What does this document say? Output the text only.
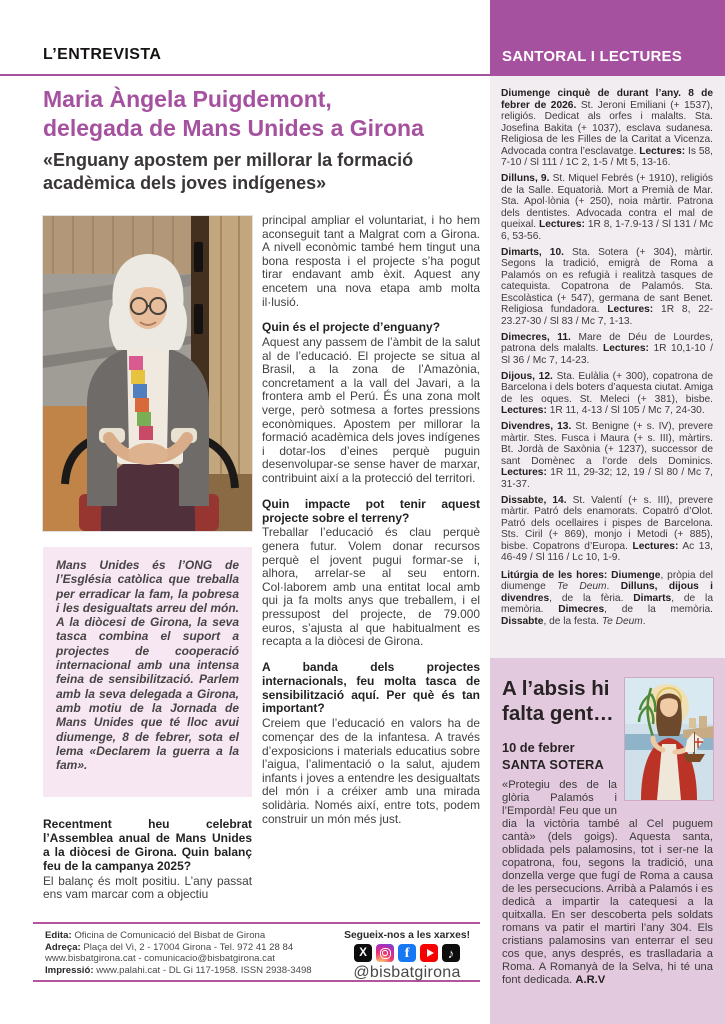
L’ENTREVISTA	SANTORAL I LECTURES
Maria Àngela Puigdemont,
delegada de Mans Unides a Girona
«Enguany apostem per millorar la formació acadèmica dels joves indígenes»

Mans Unides és l’ONG de l’Església catòlica que treballa per erradicar la fam, la pobresa i les desigualtats arreu del món. A la diòcesi de Girona, la seva tasca combina el suport a projectes de cooperació internacional amb una intensa feina de sensibilització. Parlem amb la seva delegada a Girona, amb motiu de la Jornada de Mans Unides que té lloc avui diumenge, 8 de febrer, sota el lema «Declarem la guerra a la fam».

Recentment heu celebrat l’Assemblea anual de Mans Unides a la diòcesi de Girona. Quin balanç feu de la campanya 2025?

El balanç és molt positiu. L’any passat ens vam marcar com a objectiu

principal ampliar el voluntariat, i ho hem aconseguit tant a Malgrat com a Girona. A nivell econòmic també hem tingut una bona resposta i el projecte s’ha pogut tirar endavant amb èxit. Aquest any encetem una nova etapa amb molta il·lusió.

Quin és el projecte d’enguany?

Aquest any passem de l’àmbit de la salut al de l’educació. El projecte se situa al Brasil, a la zona de l’Amazònia, concretament a la vall del Javari, a la frontera amb el Perú. És una zona molt verge, però sotmesa a fortes pressions econòmiques. Apostem per millorar la formació acadèmica dels joves indígenes i dotar-los d’eines perquè puguin desenvolupar-se sense haver de marxar, contribuint així a la protecció del territori.

Quin impacte pot tenir aquest projecte sobre el terreny?

Treballar l’educació és clau perquè genera futur. Volem donar recursos perquè el jovent pugui formar-se i, alhora, arrelar-se al seu entorn. Col·laborem amb una entitat local amb qui ja fa molts anys que treballem, i el pressupost del projecte, de 79.000 euros, s’ajusta al que habitualment es recapta a la diòcesi de Girona.

A banda dels projectes internacionals, feu molta tasca de sensibilització aquí. Per què és tan important?

Creiem que l’educació en valors ha de començar des de la infantesa. A través d’exposicions i materials educatius sobre l’aigua, l’alimentació o la salut, ajudem infants i joves a entendre les desigualtats del món i a créixer amb una mirada solidària. Només així, entre tots, podem construir un món més just.

Diumenge cinquè de durant l’any. 8 de febrer de 2026. St. Jeroni Emiliani (+ 1537), religiós. Dedicat als orfes i malalts. Sta. Josefina Bakita (+ 1037), esclava sudanesa. Religiosa de les Filles de la Caritat a Vicenza. Advocada contra l’esclavatge. Lectures: Is 58, 7-10 / Sl 111 / 1C 2, 1-5 / Mt 5, 13-16.

Dilluns, 9. St. Miquel Febrés (+ 1910), religiós de la Salle. Equatorià. Mort a Premià de Mar. Sta. Apol·lònia (+ 250), noia màrtir. Patrona dels dentistes. Advocada contra el mal de queixal. Lectures: 1R 8, 1-7.9-13 / Sl 131 / Mc 6, 53-56.

Dimarts, 10. Sta. Sotera (+ 304), màrtir. Segons la tradició, emigrà de Roma a Palamós on es refugià i realitzà tasques de catequista. Copatrona de Palamós. Sta. Escolàstica (+ 547), germana de sant Benet. Religiosa fundadora. Lectures: 1R 8, 22-23.27-30 / Sl 83 / Mc 7, 1-13.

Dimecres, 11. Mare de Déu de Lourdes, patrona dels malalts. Lectures: 1R 10,1-10 / Sl 36 / Mc 7, 14-23.

Dijous, 12. Sta. Eulàlia (+ 300), copatrona de Barcelona i dels boters d’aquesta ciutat. Amiga de les oques. St. Meleci (+ 381), bisbe. Lectures: 1R 11, 4-13 / Sl 105 / Mc 7, 24-30.

Divendres, 13. St. Benigne (+ s. IV), prevere màrtir. Stes. Fusca i Maura (+ s. III), màrtirs. Bt. Jordà de Saxònia (+ 1237), successor de sant Domènec a l’orde dels Dominics. Lectures: 1R 11, 29-32; 12, 19 / Sl 80 / Mc 7, 31-37.

Dissabte, 14. St. Valentí (+ s. III), prevere màrtir. Patró dels enamorats. Copatró d’Olot. Patró dels ocellaires i pispes de Barcelona. Sts. Ciril (+ 869), monjo i Metodi (+ 885), bisbe. Copatrons d’Europa. Lectures: Ac 13, 46-49 / Sl 116 / Lc 10, 1-9.

Litúrgia de les hores: Diumenge, pròpia del diumenge Te Deum. Dilluns, dijous i divendres, de la fèria. Dimarts, de la memòria. Dimecres, de la memòria. Dissabte, de la festa. Te Deum.

A l’absis hi falta gent…

10 de febrer

SANTA SOTERA

«Protegiu des de la glòria Palamós i l’Empordà! Feu que un dia la victòria també al Cel puguem cantà» (dels goigs). Aquesta santa, oblidada pels palamosins, tot i ser-ne la copatrona, fou, segons la tradició, una donzella verge que fugí de Roma a causa de les persecucions. Arribà a Palamós i es dedicà a impartir la catequesi a la quitxalla. En ser descoberta pels soldats romans va patir el martiri l’any 304. Els cristians palamosins van enterrar el seu cos que, anys després, es traslladaria a Roma. A Romanyà de la Selva, hi té una font dedicada. A.R.V

Edita: Oficina de Comunicació del Bisbat de Girona

Adreça: Plaça del Vi, 2 - 17004 Girona - Tel. 972 41 28 84

www.bisbatgirona.cat - comunicacio@bisbatgirona.cat

Impressió: www.palahi.cat - DL Gi 117-1958. ISSN 2938-3498

Segueix-nos a les xarxes!
X
f
♪
@bisbatgirona
